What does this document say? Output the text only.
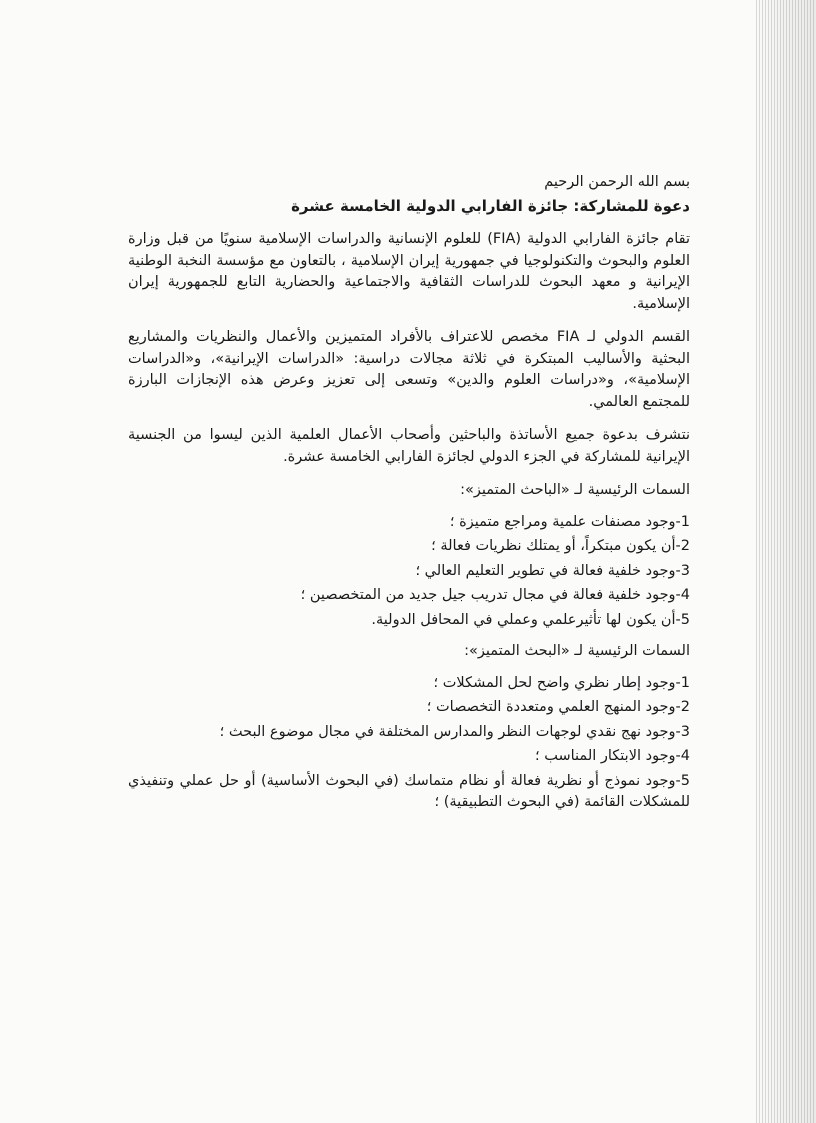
بسم الله الرحمن الرحيم
دعوة للمشاركة: جائزة الفارابي الدولية الخامسة عشرة

تقام جائزة الفارابي الدولية (FIA) للعلوم الإنسانية والدراسات الإسلامية سنويًا من قبل وزارة العلوم والبحوث والتكنولوجيا في جمهورية إيران الإسلامية ، بالتعاون مع مؤسسة النخبة الوطنية الإيرانية و معهد البحوث للدراسات الثقافية والاجتماعية والحضارية التابع للجمهورية إيران الإسلامية.

القسم الدولي لـ FIA مخصص للاعتراف بالأفراد المتميزين والأعمال والنظريات والمشاريع البحثية والأساليب المبتكرة في ثلاثة مجالات دراسية: «الدراسات الإيرانية»، و«الدراسات الإسلامية»، و«دراسات العلوم والدين» وتسعى إلى تعزيز وعرض هذه الإنجازات البارزة للمجتمع العالمي.

نتشرف بدعوة جميع الأساتذة والباحثين وأصحاب الأعمال العلمية الذين ليسوا من الجنسية الإيرانية للمشاركة في الجزء الدولي لجائزة الفارابي الخامسة عشرة.

السمات الرئيسية لـ «الباحث المتميز»:
1-وجود مصنفات علمية ومراجع متميزة ؛
2-أن يكون مبتكراً، أو يمتلك نظريات فعالة ؛
3-وجود خلفية فعالة في تطوير التعليم العالي ؛
4-وجود خلفية فعالة في مجال تدريب جيل جديد من المتخصصين ؛
5-أن يكون لها تأثيرعلمي وعملي في المحافل الدولية.
السمات الرئيسية لـ «البحث المتميز»:
1-وجود إطار نظري واضح لحل المشكلات ؛
2-وجود المنهج العلمي ومتعددة التخصصات ؛
3-وجود نهج نقدي لوجهات النظر والمدارس المختلفة في مجال موضوع البحث ؛
4-وجود الابتكار المناسب ؛
5-وجود نموذج أو نظرية فعالة أو نظام متماسك (في البحوث الأساسية) أو حل عملي وتنفيذي للمشكلات القائمة (في البحوث التطبيقية) ؛
